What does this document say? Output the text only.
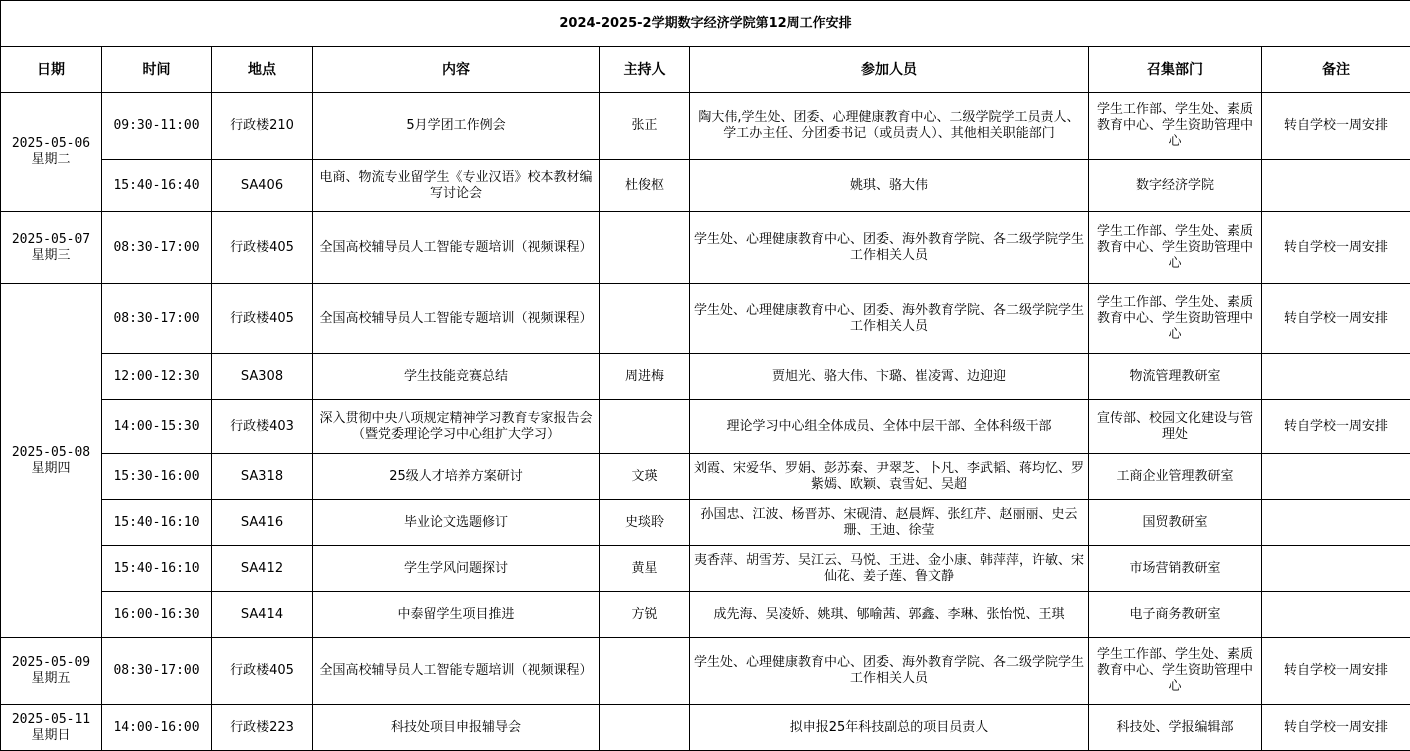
2024-2025-2学期数字经济学院第12周工作安排							
日期	时间	地点	内容	主持人	参加人员	召集部门	备注

2025-05-06
星期二	09:30-11:00	行政楼210	5月学团工作例会	张正	陶大伟,学生处、团委、心理健康教育中心、二级学院学工员责人、学工办主任、分团委书记（或员责人）、其他相关职能部门	学生工作部、学生处、素质教育中心、学生资助管理中心	转自学校一周安排
	15:40-16:40	SA406	电商、物流专业留学生《专业汉语》校本教材编写讨论会	杜俊枢	姚琪、骆大伟	数字经济学院	

2025-05-07
星期三	08:30-17:00	行政楼405	全国高校辅导员人工智能专题培训（视频课程）		学生处、心理健康教育中心、团委、海外教育学院、各二级学院学生工作相关人员	学生工作部、学生处、素质教育中心、学生资助管理中心	转自学校一周安排

2025-05-08
星期四	08:30-17:00	行政楼405	全国高校辅导员人工智能专题培训（视频课程）		学生处、心理健康教育中心、团委、海外教育学院、各二级学院学生工作相关人员	学生工作部、学生处、素质教育中心、学生资助管理中心	转自学校一周安排
	12:00-12:30	SA308	学生技能竞赛总结	周进梅	贾旭光、骆大伟、卞璐、崔凌霄、边迎迎	物流管理教研室	
	14:00-15:30	行政楼403	深入贯彻中央八项规定精神学习教育专家报告会 （暨党委理论学习中心组扩大学习）		理论学习中心组全体成员、全体中层干部、全体科级干部	宣传部、校园文化建设与管理处	转自学校一周安排
	15:30-16:00	SA318	25级人才培养方案研讨	文瑛	刘霞、宋爱华、罗娟、彭苏秦、尹翠芝、卜凡、李武韬、蒋均忆、罗紫嫣、欧颖、袁雪妃、吴超	工商企业管理教研室	
	15:40-16:10	SA416	毕业论文选题修订	史琰聆	孙国忠、江波、杨晋苏、宋砚清、赵晨辉、张红芹、赵丽丽、史云珊、王迪、徐莹	国贸教研室	
	15:40-16:10	SA412	学生学风问题探讨	黄星	夷香萍、胡雪芳、吴江云、马悦、王进、金小康、韩萍萍，许敏、宋仙花、姜子莲、鲁文静	市场营销教研室	
	16:00-16:30	SA414	中泰留学生项目推进	方锐	成先海、吴凌娇、姚琪、郇喻茜、郭鑫、李琳、张怡悦、王琪	电子商务教研室	

2025-05-09
星期五	08:30-17:00	行政楼405	全国高校辅导员人工智能专题培训（视频课程）		学生处、心理健康教育中心、团委、海外教育学院、各二级学院学生工作相关人员	学生工作部、学生处、素质教育中心、学生资助管理中心	转自学校一周安排

2025-05-11
星期日	14:00-16:00	行政楼223	科技处项目申报辅导会		拟申报25年科技副总的项目员责人	科技处、学报编辑部	转自学校一周安排
